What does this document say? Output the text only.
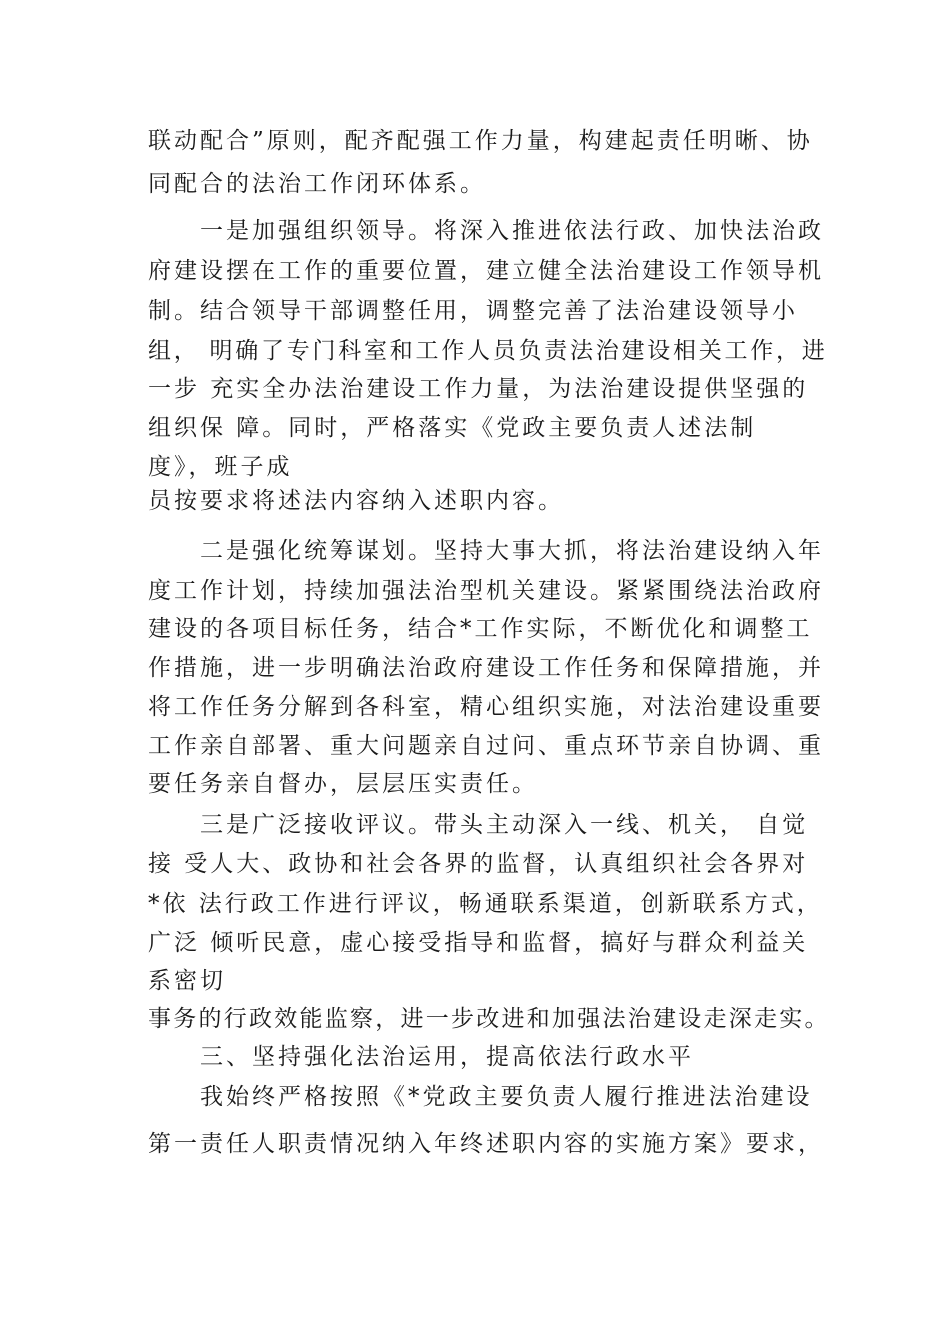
联动配合”原则，配齐配强工作力量，构建起责任明晰、协
同配合的法治工作闭环体系。
一是加强组织领导。将深入推进依法行政、加快法治政
府建设摆在工作的重要位置，建立健全法治建设工作领导机
制。结合领导干部调整任用，调整完善了法治建设领导小
组， 明确了专门科室和工作人员负责法治建设相关工作，进
一步 充实全办法治建设工作力量，为法治建设提供坚强的
组织保 障。同时，严格落实《党政主要负责人述法制
度》，班子成
员按要求将述法内容纳入述职内容。
二是强化统筹谋划。坚持大事大抓，将法治建设纳入年
度工作计划，持续加强法治型机关建设。紧紧围绕法治政府
建设的各项目标任务，结合*工作实际，不断优化和调整工
作措施，进一步明确法治政府建设工作任务和保障措施，并
将工作任务分解到各科室，精心组织实施，对法治建设重要
工作亲自部署、重大问题亲自过问、重点环节亲自协调、重
要任务亲自督办，层层压实责任。
三是广泛接收评议。带头主动深入一线、机关， 自觉
接 受人大、政协和社会各界的监督，认真组织社会各界对
*依 法行政工作进行评议，畅通联系渠道，创新联系方式，
广泛 倾听民意，虚心接受指导和监督，搞好与群众利益关
系密切
事务的行政效能监察，进一步改进和加强法治建设走深走实。
三、坚持强化法治运用，提高依法行政水平
我始终严格按照《*党政主要负责人履行推进法治建设
第一责任人职责情况纳入年终述职内容的实施方案》要求，
